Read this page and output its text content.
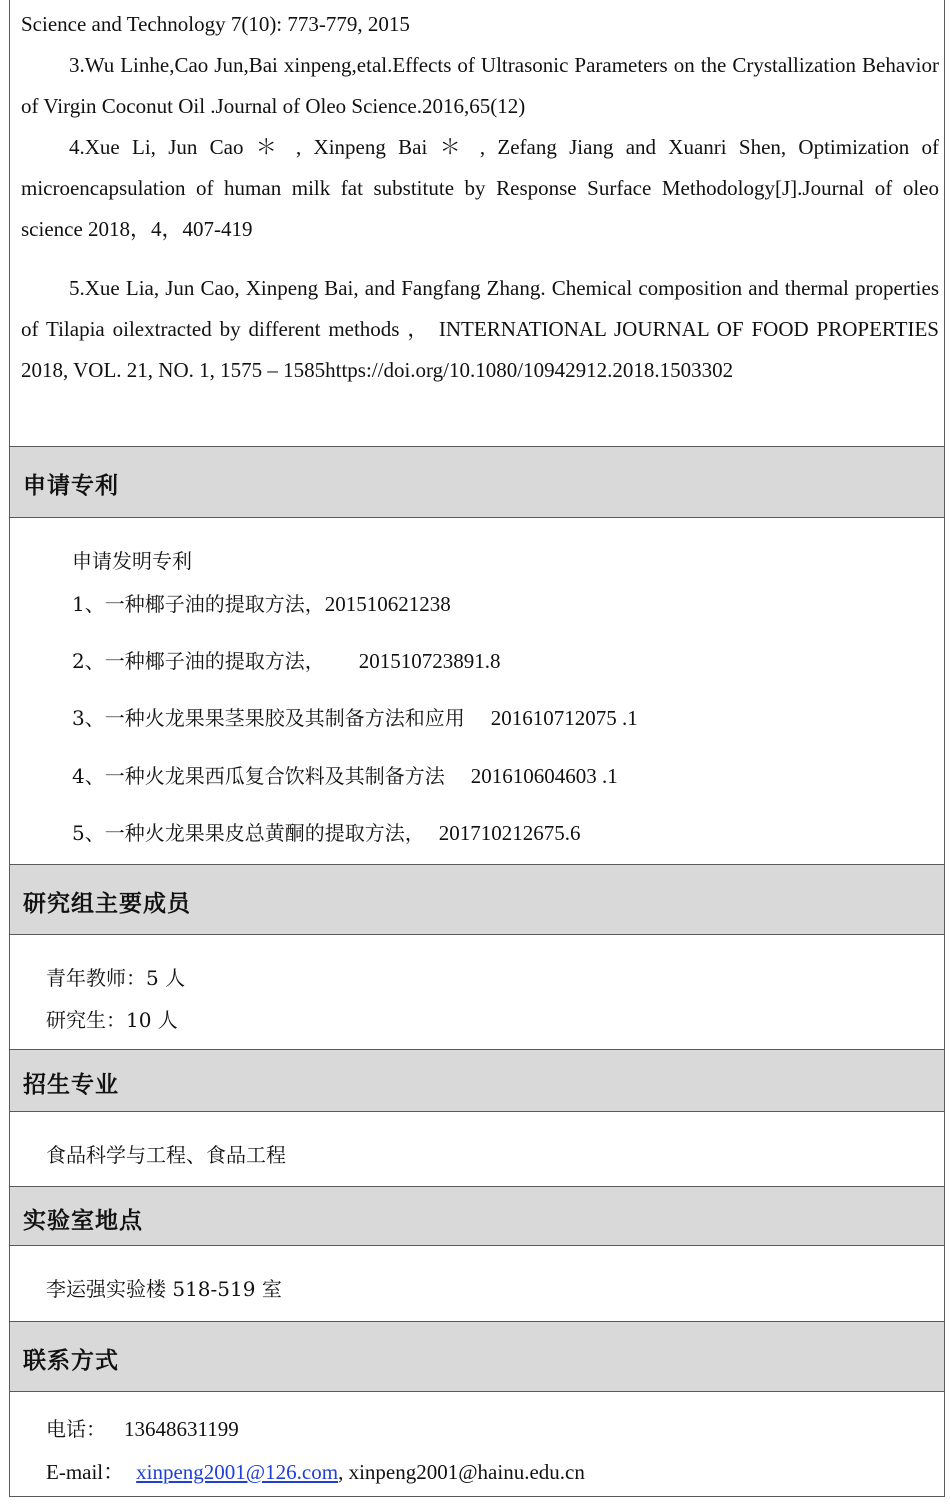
Science and Technology 7(10): 773-779, 2015

3.Wu Linhe,Cao Jun,Bai xinpeng,etal.Effects of Ultrasonic Parameters on the Crystallization Behavior of Virgin Coconut Oil .Journal of Oleo Science.2016,65(12)

4.Xue Li, Jun Cao ＊ , Xinpeng Bai ＊ , Zefang Jiang and Xuanri Shen, Optimization of microencapsulation of human milk fat substitute by Response Surface Methodology[J].Journal of oleo science 2018，4，407-419

5.Xue Lia, Jun Cao, Xinpeng Bai, and Fangfang Zhang. Chemical composition and thermal properties of Tilapia oilextracted by different methods ， INTERNATIONAL JOURNAL OF FOOD PROPERTIES 2018, VOL. 21, NO. 1, 1575 – 1585https://doi.org/10.1080/10942912.2018.1503302

申请专利
申请发明专利
1、一种椰子油的提取方法，201510621238
2、一种椰子油的提取方法， 201510723891.8
3、一种火龙果果茎果胶及其制备方法和应用 201610712075 .1
4、一种火龙果西瓜复合饮料及其制备方法 201610604603 .1
5、一种火龙果果皮总黄酮的提取方法， 201710212675.6
研究组主要成员
青年教师：5 人
研究生：10 人
招生专业
食品科学与工程、食品工程
实验室地点
李运强实验楼 518-519 室
联系方式
电话： 13648631199
E-mail： xinpeng2001@126.com, xinpeng2001@hainu.edu.cn
